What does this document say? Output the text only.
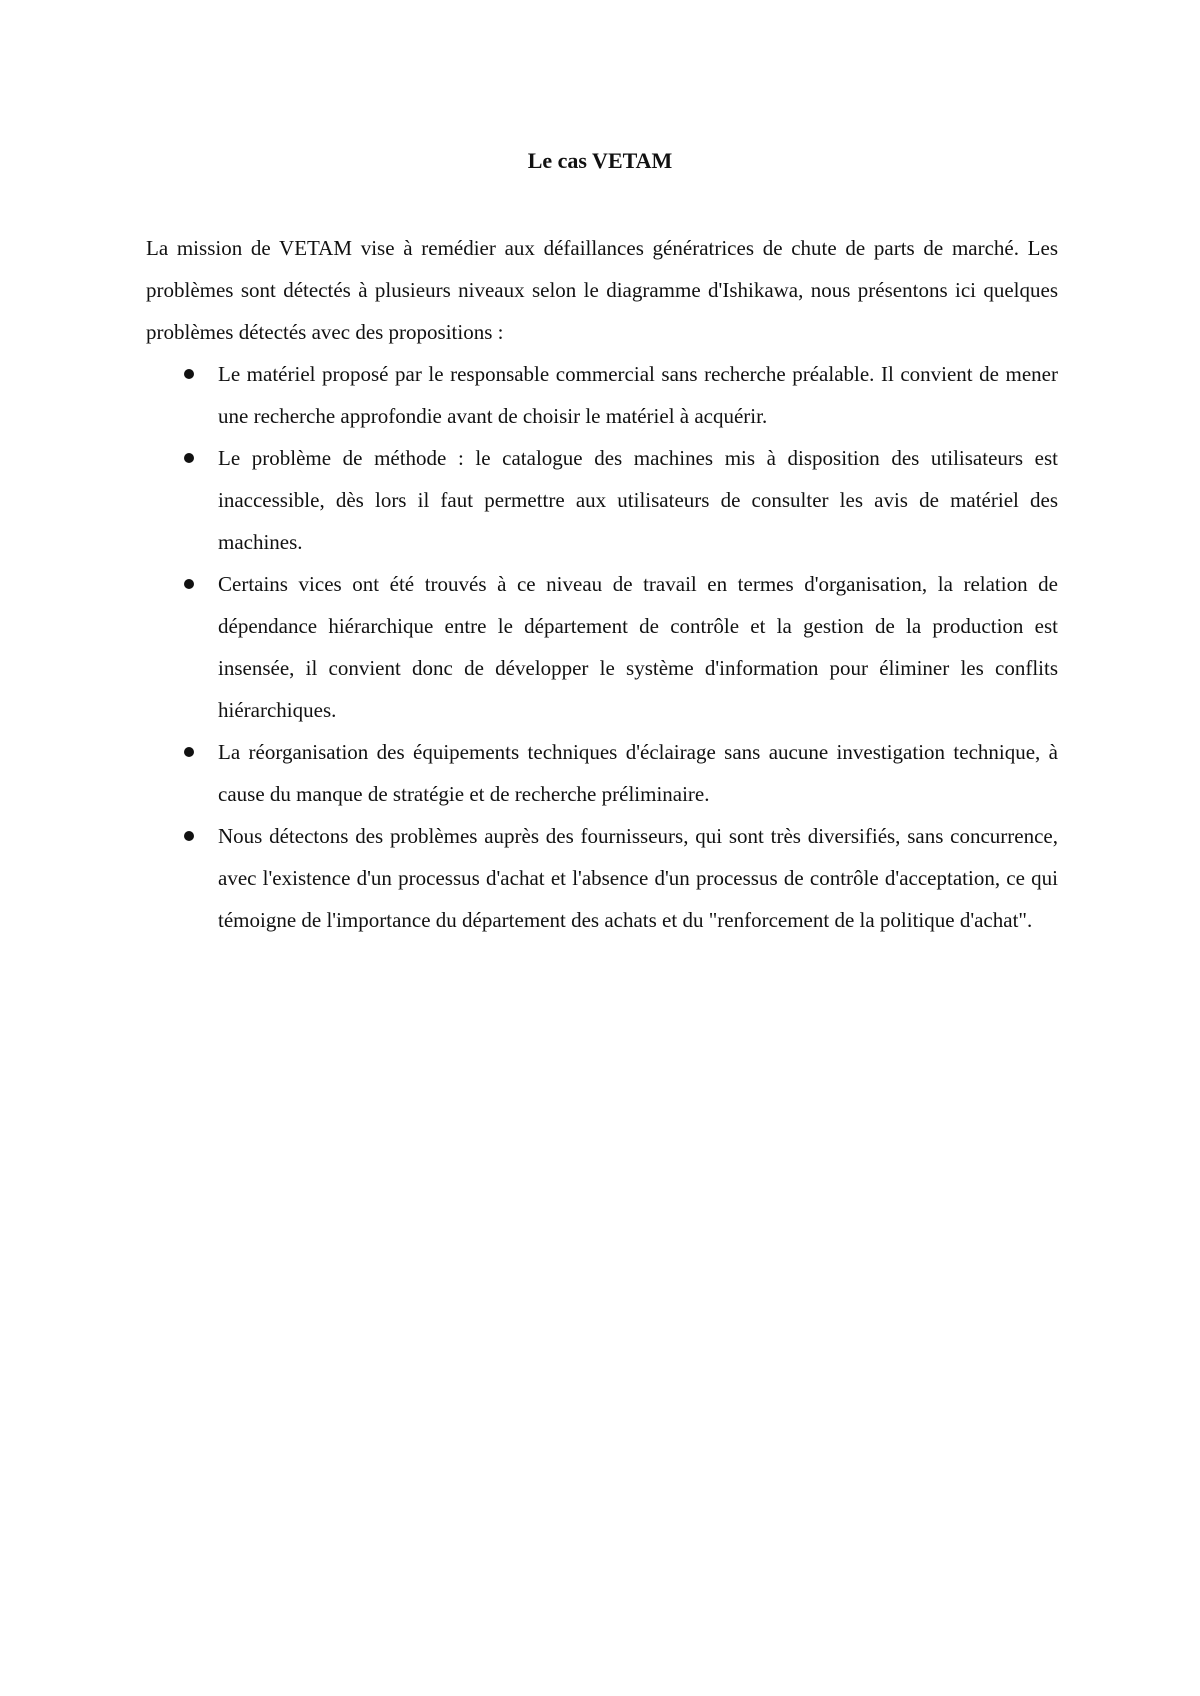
Le cas VETAM

La mission de VETAM vise à remédier aux défaillances génératrices de chute de parts de marché. Les problèmes sont détectés à plusieurs niveaux selon le diagramme d'Ishikawa, nous présentons ici quelques problèmes détectés avec des propositions :

Le matériel proposé par le responsable commercial sans recherche préalable. Il convient de mener une recherche approfondie avant de choisir le matériel à acquérir.
Le problème de méthode : le catalogue des machines mis à disposition des utilisateurs est inaccessible, dès lors il faut permettre aux utilisateurs de consulter les avis de matériel des machines.
Certains vices ont été trouvés à ce niveau de travail en termes d'organisation, la relation de dépendance hiérarchique entre le département de contrôle et la gestion de la production est insensée, il convient donc de développer le système d'information pour éliminer les conflits hiérarchiques.
La réorganisation des équipements techniques d'éclairage sans aucune investigation technique, à cause du manque de stratégie et de recherche préliminaire.
Nous détectons des problèmes auprès des fournisseurs, qui sont très diversifiés, sans concurrence, avec l'existence d'un processus d'achat et l'absence d'un processus de contrôle d'acceptation, ce qui témoigne de l'importance du département des achats et du "renforcement de la politique d'achat".
